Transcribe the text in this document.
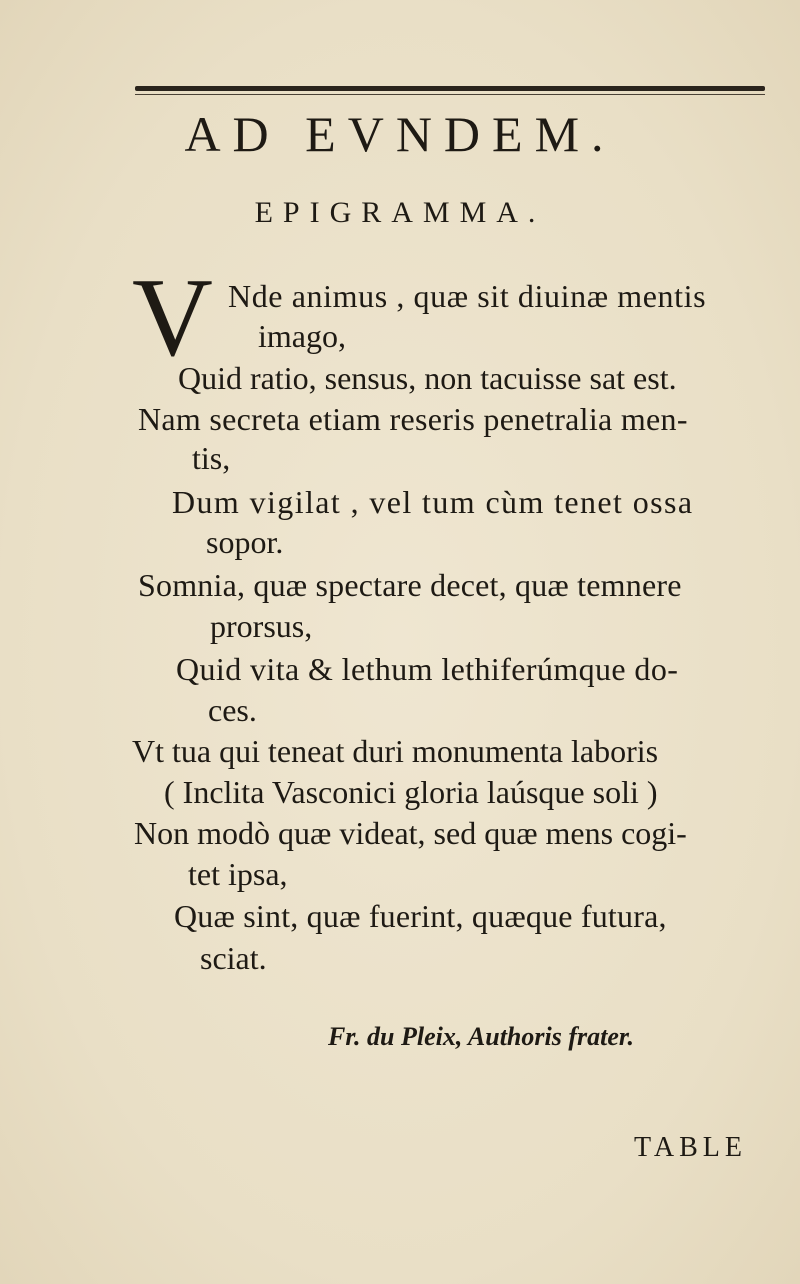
AD EVNDEM.
EPIGRAMMA.
V Nde animus , quæ sit diuinæ mentis
imago,
Quid ratio, sensus, non tacuisse sat est.
Nam secreta etiam reseris penetralia men-
tis,
Dum vigilat , vel tum cùm tenet ossa
sopor.
Somnia, quæ spectare decet, quæ temnere
prorsus,
Quid vita & lethum lethiferúmque do-
ces.
Vt tua qui teneat duri monumenta laboris
( Inclita Vasconici gloria laúsque soli )
Non modò quæ videat, sed quæ mens cogi-
tet ipsa,
Quæ sint, quæ fuerint, quæque futura,
sciat.
Fr. du Pleix, Authoris frater.
TABLE
